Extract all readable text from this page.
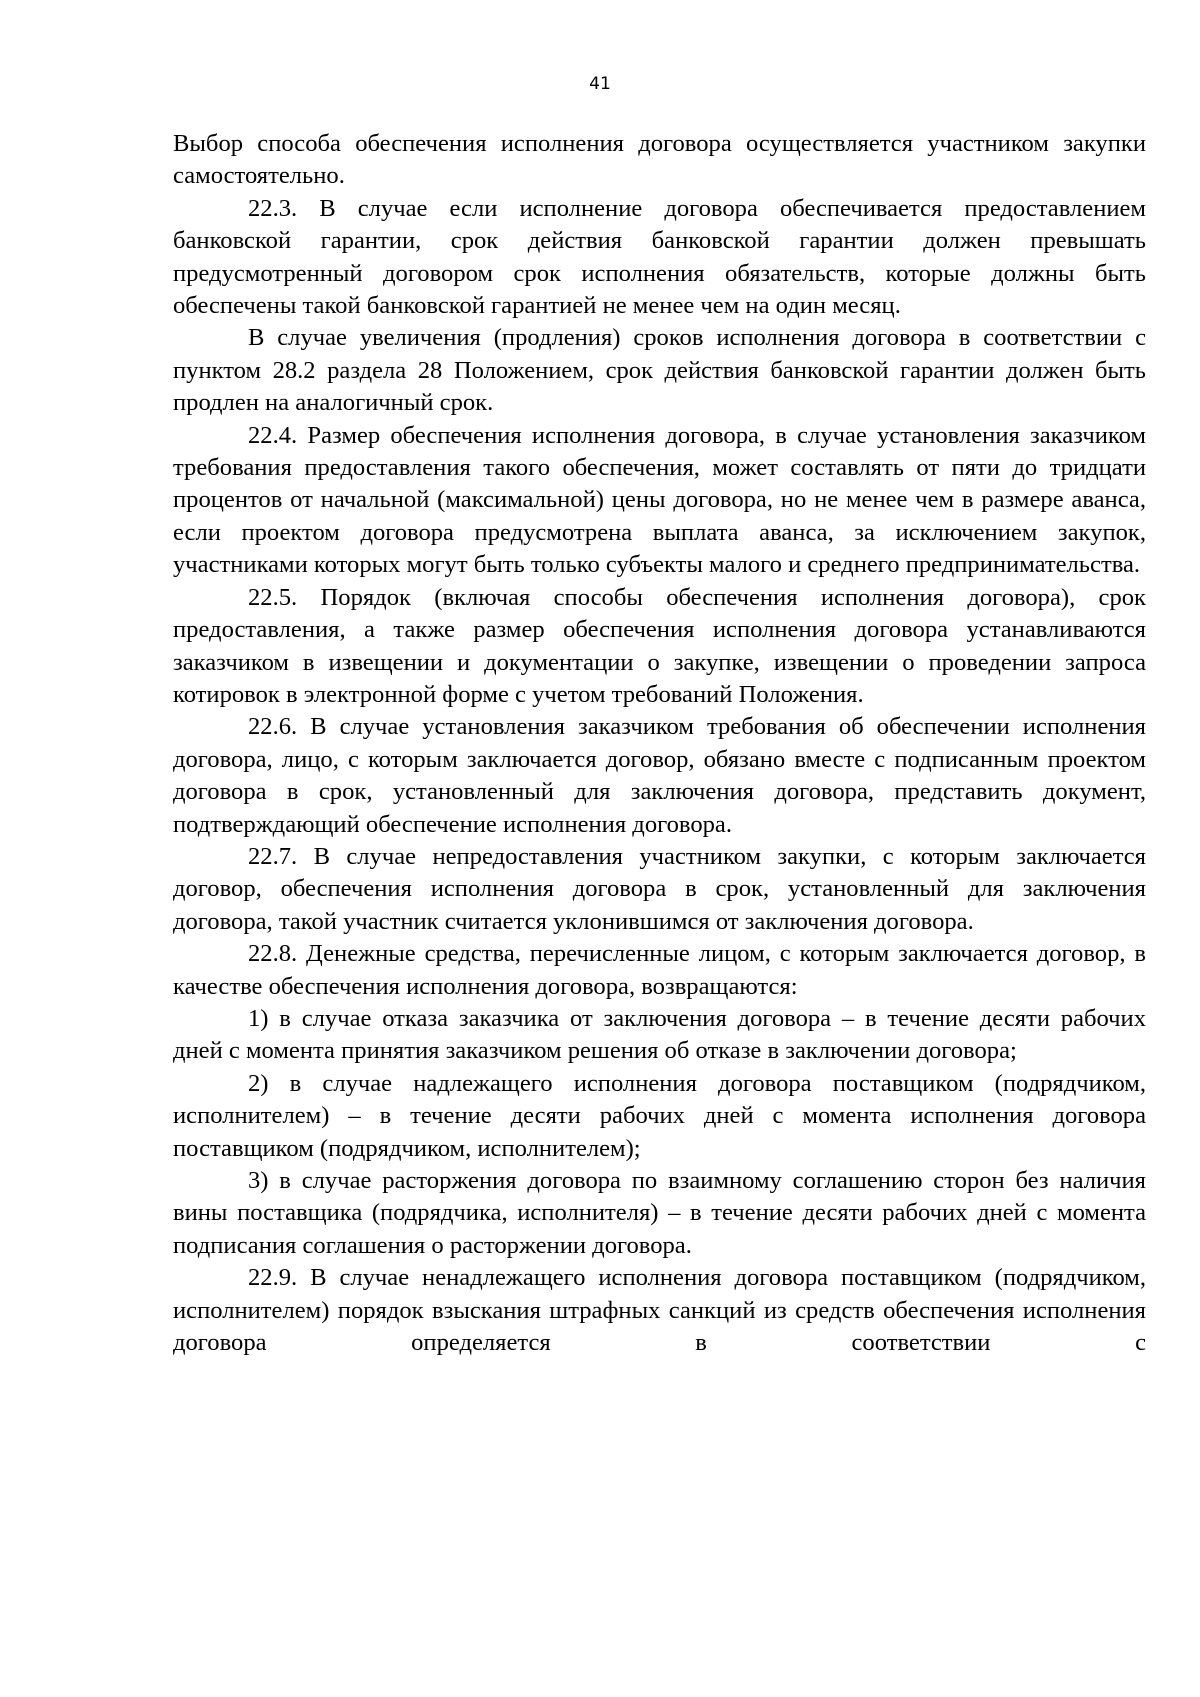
41

Выбор способа обеспечения исполнения договора осуществляется участником закупки самостоятельно.

22.3. В случае если исполнение договора обеспечивается предоставлением банковской гарантии, срок действия банковской гарантии должен превышать предусмотренный договором срок исполнения обязательств, которые должны быть обеспечены такой банковской гарантией не менее чем на один месяц.

В случае увеличения (продления) сроков исполнения договора в соответствии с пунктом 28.2 раздела 28 Положением, срок действия банковской гарантии должен быть продлен на аналогичный срок.

22.4. Размер обеспечения исполнения договора, в случае установления заказчиком требования предоставления такого обеспечения, может составлять от пяти до тридцати процентов от начальной (максимальной) цены договора, но не менее чем в размере аванса, если проектом договора предусмотрена выплата аванса, за исключением закупок, участниками которых могут быть только субъекты малого и среднего предпринимательства.

22.5. Порядок (включая способы обеспечения исполнения договора), срок предоставления, а также размер обеспечения исполнения договора устанавливаются заказчиком в извещении и документации о закупке, извещении о проведении запроса котировок в электронной форме с учетом требований Положения.

22.6. В случае установления заказчиком требования об обеспечении исполнения договора, лицо, с которым заключается договор, обязано вместе с подписанным проектом договора в срок, установленный для заключения договора, представить документ, подтверждающий обеспечение исполнения договора.

22.7. В случае непредоставления участником закупки, с которым заключается договор, обеспечения исполнения договора в срок, установленный для заключения договора, такой участник считается уклонившимся от заключения договора.

22.8. Денежные средства, перечисленные лицом, с которым заключается договор, в качестве обеспечения исполнения договора, возвращаются:

1) в случае отказа заказчика от заключения договора – в течение десяти рабочих дней с момента принятия заказчиком решения об отказе в заключении договора;

2) в случае надлежащего исполнения договора поставщиком (подрядчиком, исполнителем) – в течение десяти рабочих дней с момента исполнения договора поставщиком (подрядчиком, исполнителем);

3) в случае расторжения договора по взаимному соглашению сторон без наличия вины поставщика (подрядчика, исполнителя) – в течение десяти рабочих дней с момента подписания соглашения о расторжении договора.

22.9. В случае ненадлежащего исполнения договора поставщиком (подрядчиком, исполнителем) порядок взыскания штрафных санкций из средств обеспечения исполнения договора определяется в соответствии с
